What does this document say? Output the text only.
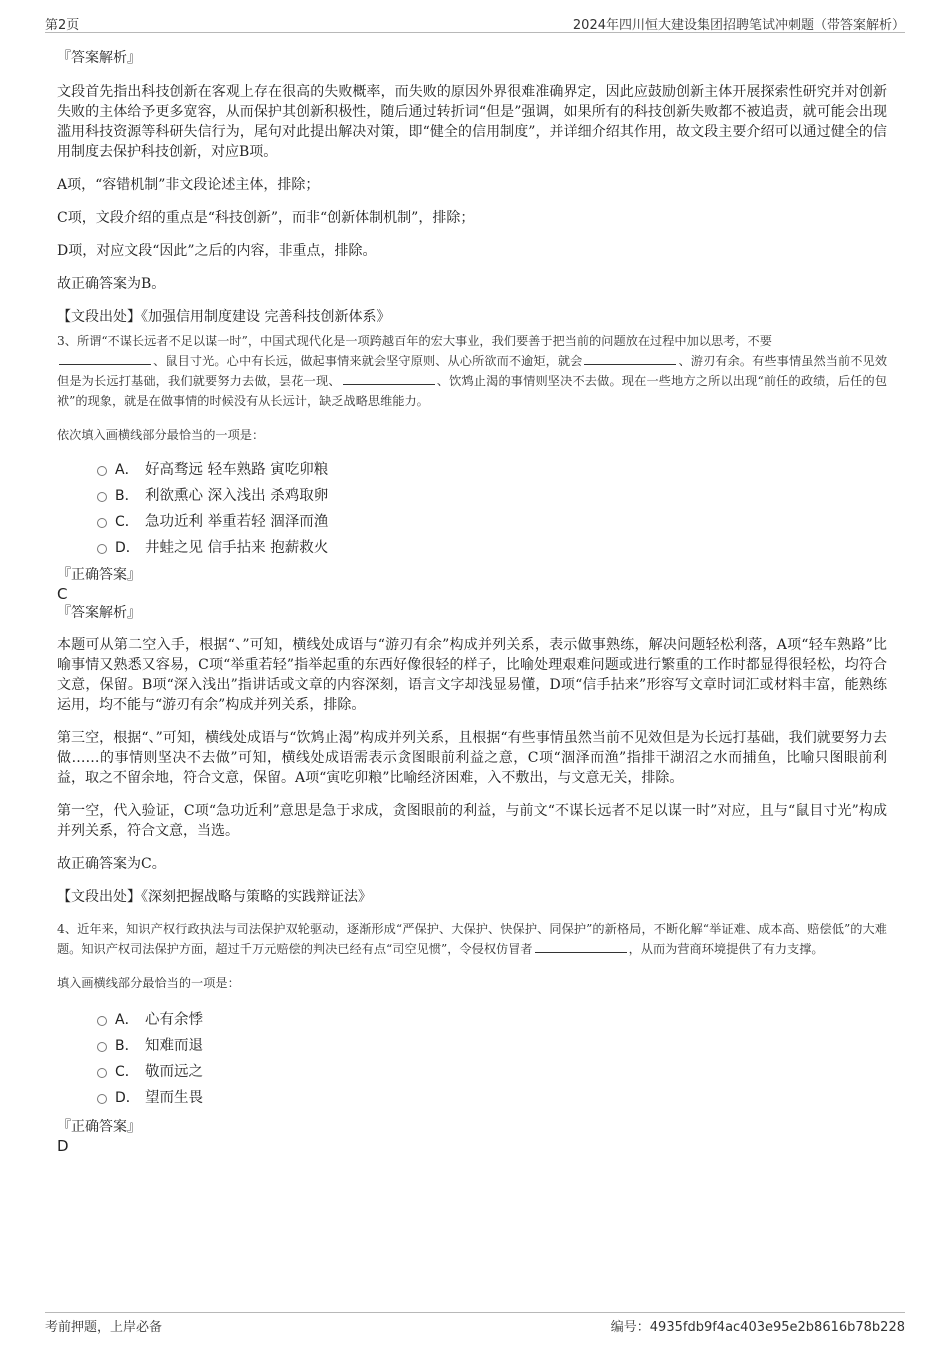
第2页	2024年四川恒大建设集团招聘笔试冲刺题（带答案解析）

『答案解析』

文段首先指出科技创新在客观上存在很高的失败概率，而失败的原因外界很难准确界定，因此应鼓励创新主体开展探索性研究并对创新失败的主体给予更多宽容，从而保护其创新积极性，随后通过转折词“但是”强调，如果所有的科技创新失败都不被追责，就可能会出现滥用科技资源等科研失信行为，尾句对此提出解决对策，即“健全的信用制度”，并详细介绍其作用，故文段主要介绍可以通过健全的信用制度去保护科技创新，对应B项。

A项，“容错机制”非文段论述主体，排除；

C项，文段介绍的重点是“科技创新”，而非“创新体制机制”，排除；

D项，对应文段“因此”之后的内容，非重点，排除。

故正确答案为B。

【文段出处】《加强信用制度建设 完善科技创新体系》

3、所谓“不谋长远者不足以谋一时”，中国式现代化是一项跨越百年的宏大事业，我们要善于把当前的问题放在过程中加以思考，不要
、鼠目寸光。心中有长远，做起事情来就会坚守原则、从心所欲而不逾矩，就会	、游刃有余。有些事情虽然当前不见效但是为长远打基础，我们就要努力去做，昙花一现、	、饮鸩止渴的事情则坚决不去做。现在一些地方之所以出现“前任的政绩，后任的包袱”的现象，就是在做事情的时候没有从长远计，缺乏战略思维能力。

依次填入画横线部分最恰当的一项是：

A． 好高骛远 轻车熟路 寅吃卯粮
B． 利欲熏心 深入浅出 杀鸡取卵
C． 急功近利 举重若轻 涸泽而渔
D． 井蛙之见 信手拈来 抱薪救火

『正确答案』

C

『答案解析』

本题可从第二空入手，根据“、”可知，横线处成语与“游刃有余”构成并列关系，表示做事熟练，解决问题轻松利落，A项“轻车熟路”比喻事情又熟悉又容易，C项“举重若轻”指举起重的东西好像很轻的样子，比喻处理艰难问题或进行繁重的工作时都显得很轻松，均符合文意，保留。B项“深入浅出”指讲话或文章的内容深刻，语言文字却浅显易懂，D项“信手拈来”形容写文章时词汇或材料丰富，能熟练运用，均不能与“游刃有余”构成并列关系，排除。

第三空，根据“、”可知，横线处成语与“饮鸩止渴”构成并列关系，且根据“有些事情虽然当前不见效但是为长远打基础，我们就要努力去做……的事情则坚决不去做”可知，横线处成语需表示贪图眼前利益之意，C项“涸泽而渔”指排干湖沼之水而捕鱼，比喻只图眼前利益，取之不留余地，符合文意，保留。A项“寅吃卯粮”比喻经济困难，入不敷出，与文意无关，排除。

第一空，代入验证，C项“急功近利”意思是急于求成，贪图眼前的利益，与前文“不谋长远者不足以谋一时”对应，且与“鼠目寸光”构成并列关系，符合文意，当选。

故正确答案为C。

【文段出处】《深刻把握战略与策略的实践辩证法》

4、近年来，知识产权行政执法与司法保护双轮驱动，逐渐形成“严保护、大保护、快保护、同保护”的新格局，不断化解“举证难、成本高、赔偿低”的大难题。知识产权司法保护方面，超过千万元赔偿的判决已经有点“司空见惯”，令侵权仿冒者	，从而为营商环境提供了有力支撑。

填入画横线部分最恰当的一项是：

A． 心有余悸
B． 知难而退
C． 敬而远之
D． 望而生畏

『正确答案』

D

考前押题，上岸必备	编号：4935fdb9f4ac403e95e2b8616b78b228
